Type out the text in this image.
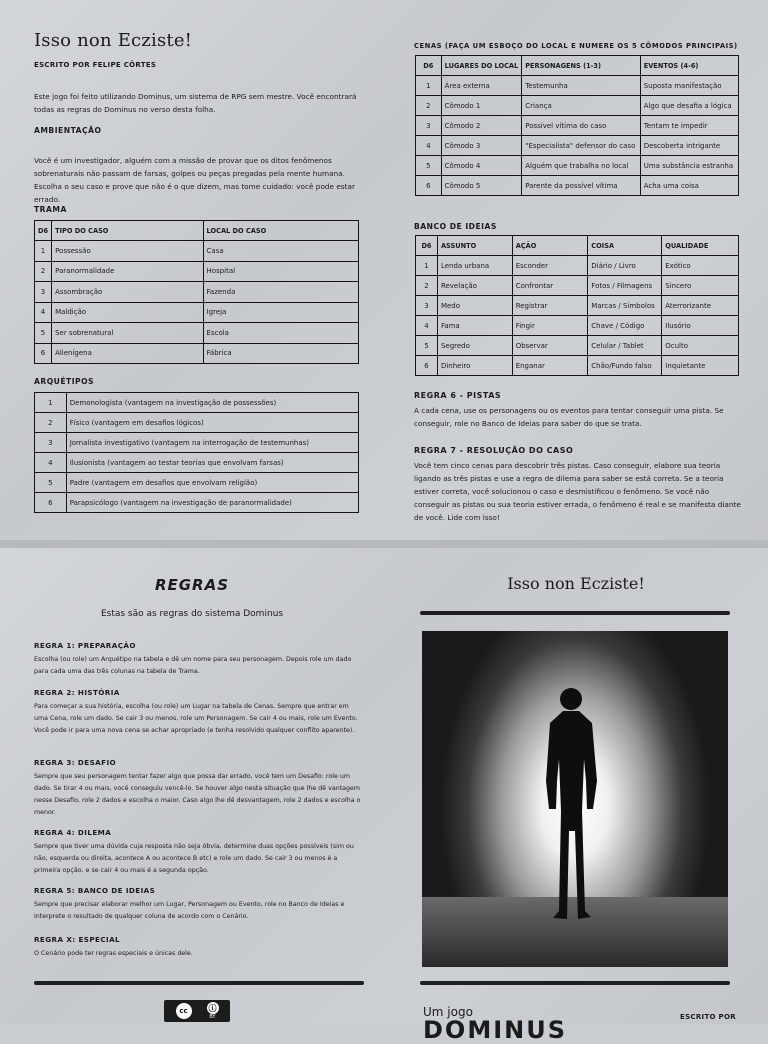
Isso non Ecziste!
ESCRITO POR FELIPE CÔRTES
Este jogo foi feito utilizando Dominus, um sistema de RPG sem mestre. Você encontrará todas as regras do Dominus no verso desta folha.
AMBIENTAÇÃO
Você é um investigador, alguém com a missão de provar que os ditos fenômenos sobrenaturais não passam de farsas, golpes ou peças pregadas pela mente humana. Escolha o seu caso e prove que não é o que dizem, mas tome cuidado: você pode estar errado.
TRAMA
D6	TIPO DO CASO	LOCAL DO CASO
1	Possessão	Casa
2	Paranormalidade	Hospital
3	Assombração	Fazenda
4	Maldição	Igreja
5	Ser sobrenatural	Escola
6	Alienígena	Fábrica
ARQUÉTIPOS
1	Demonologista (vantagem na investigação de possessões)
2	Físico (vantagem em desafios lógicos)
3	Jornalista investigativo (vantagem na interrogação de testemunhas)
4	Ilusionista (vantagem ao testar teorias que envolvam farsas)
5	Padre (vantagem em desafios que envolvam religião)
6	Parapsicólogo (vantagem na investigação de paranormalidade)
CENAS (FAÇA UM ESBOÇO DO LOCAL E NUMERE OS 5 CÔMODOS PRINCIPAIS)
D6	LUGARES DO LOCAL	PERSONAGENS (1-3)	EVENTOS (4-6)
1	Área externa	Testemunha	Suposta manifestação
2	Cômodo 1	Criança	Algo que desafia a lógica
3	Cômodo 2	Possível vítima do caso	Tentam te impedir
4	Cômodo 3	"Especialista" defensor do caso	Descoberta intrigante
5	Cômodo 4	Alguém que trabalha no local	Uma substância estranha
6	Cômodo 5	Parente da possível vítima	Acha uma coisa
BANCO DE IDEIAS
D6	ASSUNTO	AÇÃO	COISA	QUALIDADE
1	Lenda urbana	Esconder	Diário / Livro	Exótico
2	Revelação	Confrontar	Fotos / Filmagens	Sincero
3	Medo	Registrar	Marcas / Símbolos	Aterrorizante
4	Fama	Fingir	Chave / Código	Ilusório
5	Segredo	Observar	Celular / Tablet	Oculto
6	Dinheiro	Enganar	Chão/Fundo falso	Inquietante
REGRA 6 - PISTAS
A cada cena, use os personagens ou os eventos para tentar conseguir uma pista. Se conseguir, role no Banco de Ideias para saber do que se trata.
REGRA 7 - RESOLUÇÃO DO CASO
Você tem cinco cenas para descobrir três pistas. Caso conseguir, elabore sua teoria ligando as três pistas e use a regra de dilema para saber se está correta. Se a teoria estiver correta, você solucionou o caso e desmistificou o fenômeno. Se você não conseguir as pistas ou sua teoria estiver errada, o fenômeno é real e se manifesta diante de você. Lide com isso!
REGRAS
Estas são as regras do sistema Dominus
REGRA 1: PREPARAÇÃO
Escolha (ou role) um Arquétipo na tabela e dê um nome para seu personagem. Depois role um dado para cada uma das três colunas na tabela de Trama.
REGRA 2: HISTÓRIA
Para começar a sua história, escolha (ou role) um Lugar na tabela de Cenas. Sempre que entrar em uma Cena, role um dado. Se cair 3 ou menos, role um Personagem. Se cair 4 ou mais, role um Evento. Você pode ir para uma nova cena se achar apropriado (e tenha resolvido qualquer conflito aparente).
REGRA 3: DESAFIO
Sempre que seu personagem tentar fazer algo que possa dar errado, você tem um Desafio: role um dado. Se tirar 4 ou mais, você conseguiu vencê-lo. Se houver algo nesta situação que lhe dê vantagem nesse Desafio, role 2 dados e escolha o maior. Caso algo lhe dê desvantagem, role 2 dados e escolha o menor.
REGRA 4: DILEMA
Sempre que tiver uma dúvida cuja resposta não seja óbvia, determine duas opções possíveis (sim ou não, esquerda ou direita, acontece A ou acontece B etc) e role um dado. Se cair 3 ou menos é a primeira opção, e se cair 4 ou mais é a segunda opção.
REGRA 5: BANCO DE IDEIAS
Sempre que precisar elaborar melhor um Lugar, Personagem ou Evento, role no Banco de Ideias e interprete o resultado de qualquer coluna de acordo com o Cenário.
REGRA X: ESPECIAL
O Cenário pode ter regras especiais e únicas dele.
cc	ⓘ
BY
Isso non Ecziste!
Um jogo
DOMINUS	ESCRITO POR
